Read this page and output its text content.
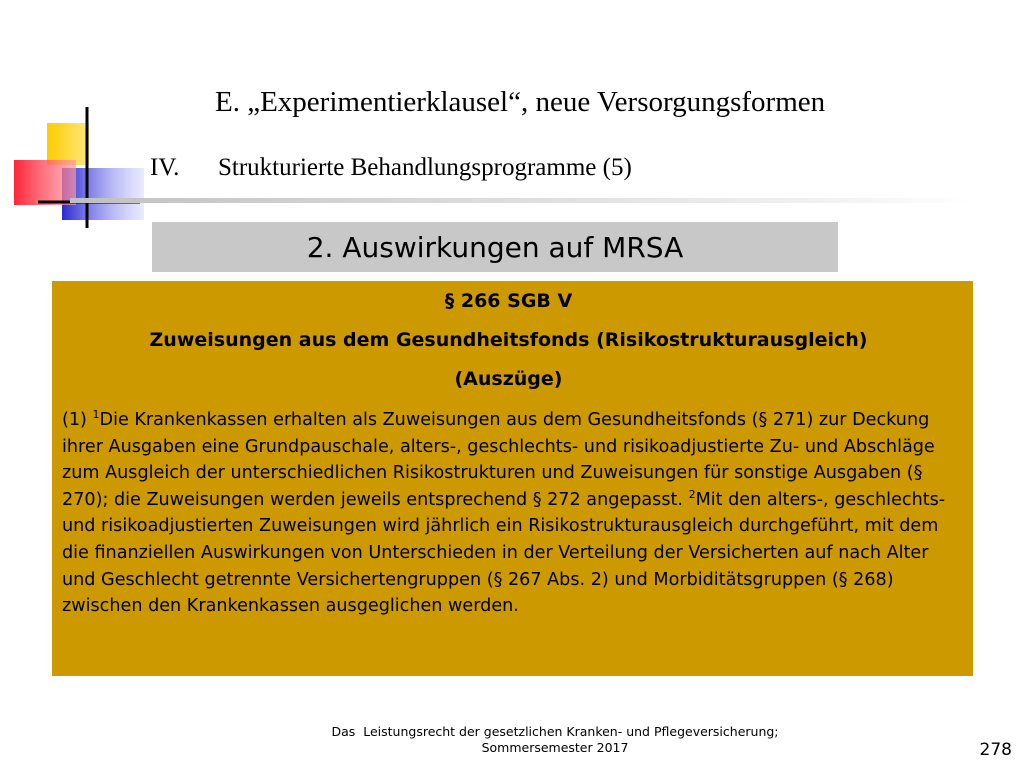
E. „Experimentierklausel“, neue Versorgungsformen
IV. Strukturierte Behandlungsprogramme (5)
2. Auswirkungen auf MRSA
§ 266 SGB V
Zuweisungen aus dem Gesundheitsfonds (Risikostrukturausgleich)
(Auszüge)
(1) $^1$Die Krankenkassen erhalten als Zuweisungen aus dem Gesundheitsfonds (§ 271) zur Deckung ihrer Ausgaben eine Grundpauschale, alters-, geschlechts- und risikoadjustierte Zu- und Abschläge zum Ausgleich der unterschiedlichen Risikostrukturen und Zuweisungen für sonstige Ausgaben (§ 270); die Zuweisungen werden jeweils entsprechend § 272 angepasst. $^2$Mit den alters-, geschlechts- und risikoadjustierten Zuweisungen wird jährlich ein Risikostrukturausgleich durchgeführt, mit dem die finanziellen Auswirkungen von Unterschieden in der Verteilung der Versicherten auf nach Alter und Geschlecht getrennte Versichertengruppen (§ 267 Abs. 2) und Morbiditätsgruppen (§ 268) zwischen den Krankenkassen ausgeglichen werden.
Das  Leistungsrecht der gesetzlichen Kranken- und Pflegeversicherung;
Sommersemester 2017	278
